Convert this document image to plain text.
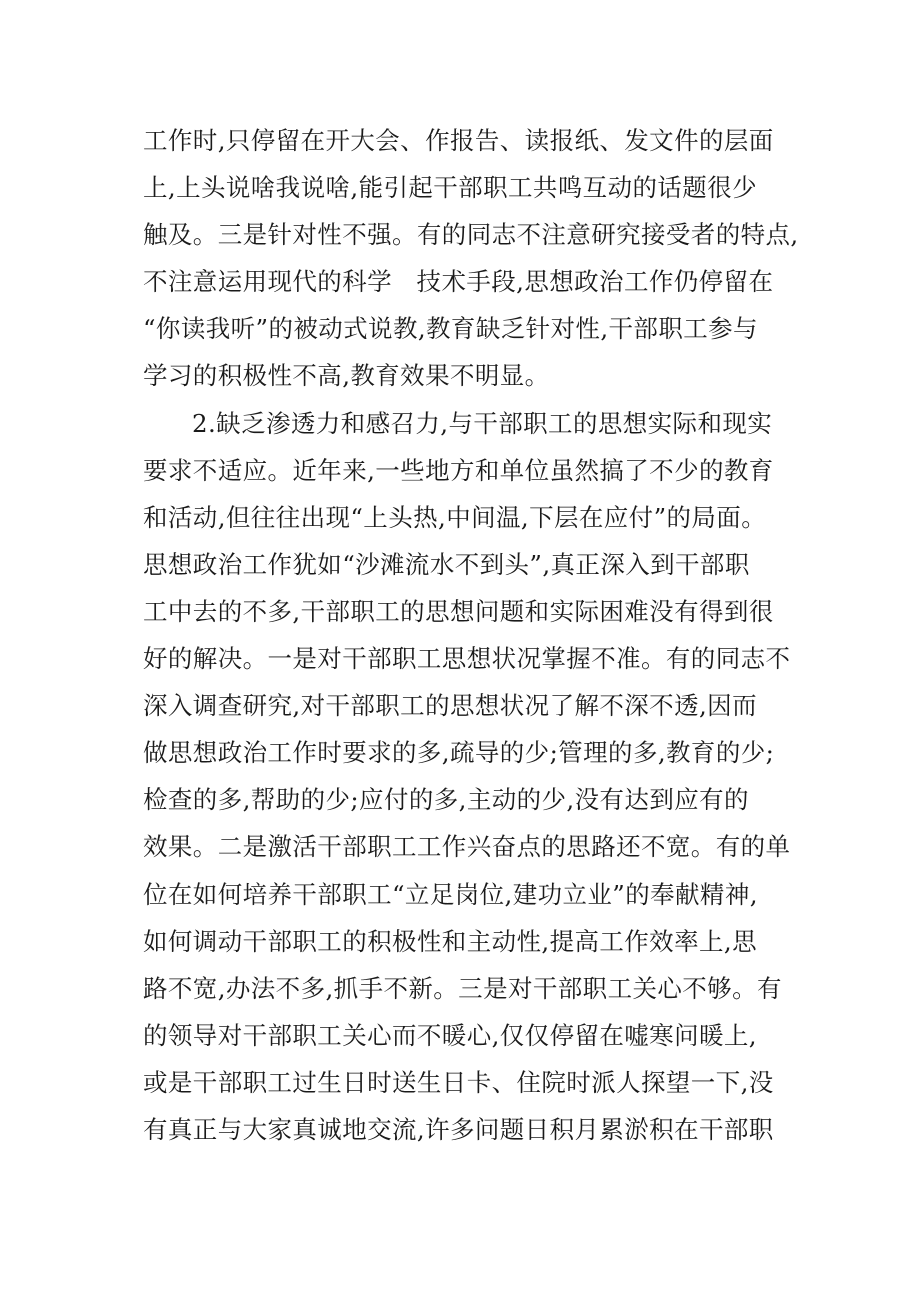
工作时,只停留在开大会、作报告、读报纸、发文件的层面
上,上头说啥我说啥,能引起干部职工共鸣互动的话题很少
触及。三是针对性不强。有的同志不注意研究接受者的特点,
不注意运用现代的科学   技术手段,思想政治工作仍停留在
“你读我听”的被动式说教,教育缺乏针对性,干部职工参与
学习的积极性不高,教育效果不明显。
2.缺乏渗透力和感召力,与干部职工的思想实际和现实
要求不适应。近年来,一些地方和单位虽然搞了不少的教育
和活动,但往往出现“上头热,中间温,下层在应付”的局面。
思想政治工作犹如“沙滩流水不到头”,真正深入到干部职
工中去的不多,干部职工的思想问题和实际困难没有得到很
好的解决。一是对干部职工思想状况掌握不准。有的同志不
深入调查研究,对干部职工的思想状况了解不深不透,因而
做思想政治工作时要求的多,疏导的少;管理的多,教育的少;
检查的多,帮助的少;应付的多,主动的少,没有达到应有的
效果。二是激活干部职工工作兴奋点的思路还不宽。有的单
位在如何培养干部职工“立足岗位,建功立业”的奉献精神,
如何调动干部职工的积极性和主动性,提高工作效率上,思
路不宽,办法不多,抓手不新。三是对干部职工关心不够。有
的领导对干部职工关心而不暖心,仅仅停留在嘘寒问暖上,
或是干部职工过生日时送生日卡、住院时派人探望一下,没
有真正与大家真诚地交流,许多问题日积月累淤积在干部职
